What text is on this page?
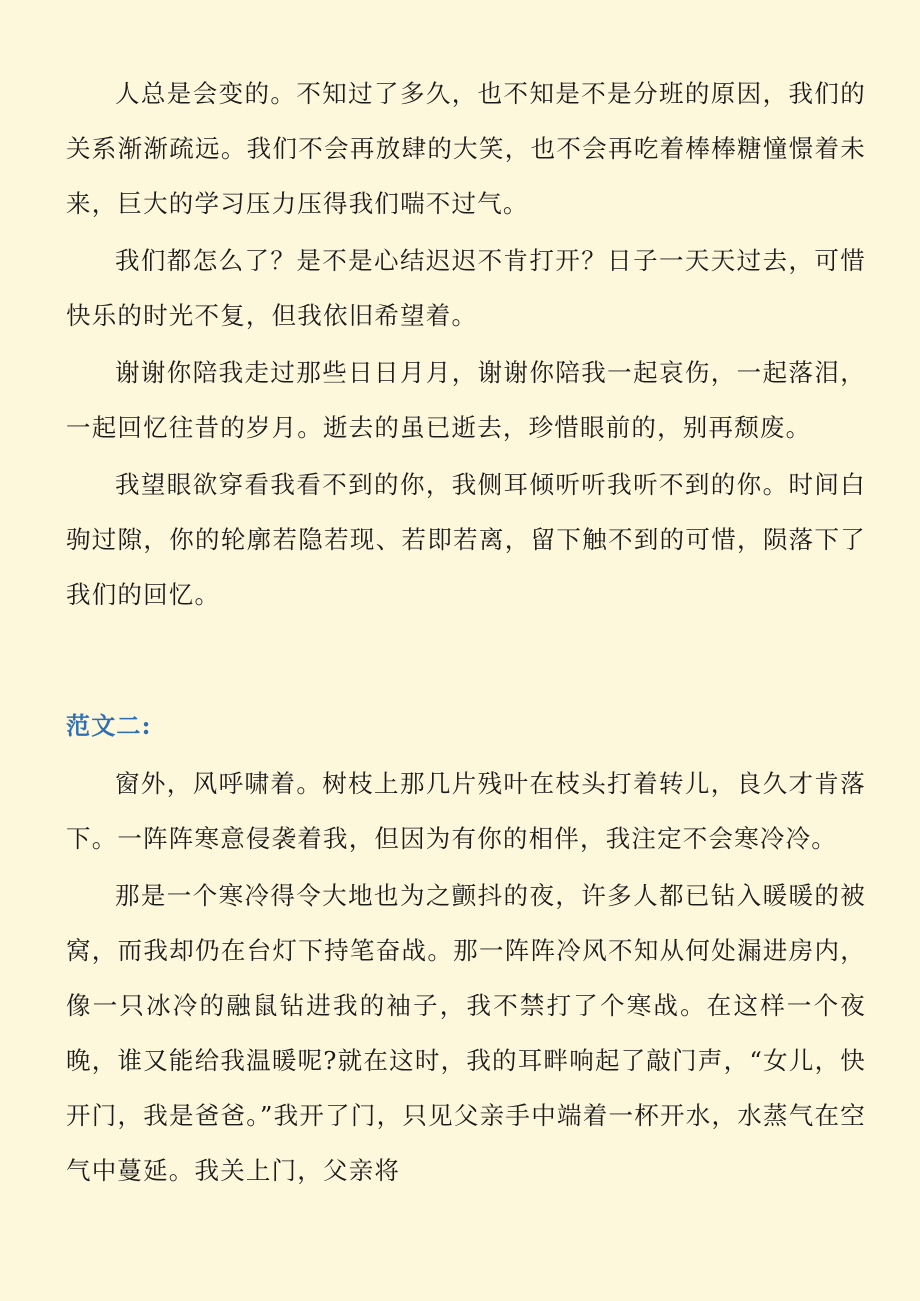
人总是会变的。不知过了多久，也不知是不是分班的原因，我们的关系渐渐疏远。我们不会再放肆的大笑，也不会再吃着棒棒糖憧憬着未来，巨大的学习压力压得我们喘不过气。

我们都怎么了？是不是心结迟迟不肯打开？日子一天天过去，可惜快乐的时光不复，但我依旧希望着。

谢谢你陪我走过那些日日月月，谢谢你陪我一起哀伤，一起落泪，一起回忆往昔的岁月。逝去的虽已逝去，珍惜眼前的，别再颓废。

我望眼欲穿看我看不到的你，我侧耳倾听听我听不到的你。时间白驹过隙，你的轮廓若隐若现、若即若离，留下触不到的可惜，陨落下了我们的回忆。

范文二:

窗外，风呼啸着。树枝上那几片残叶在枝头打着转儿，良久才肯落下。一阵阵寒意侵袭着我，但因为有你的相伴，我注定不会寒冷冷。

那是一个寒冷得令大地也为之颤抖的夜，许多人都已钻入暖暖的被窝，而我却仍在台灯下持笔奋战。那一阵阵冷风不知从何处漏进房内，像一只冰冷的融鼠钻进我的袖子，我不禁打了个寒战。在这样一个夜晚，谁又能给我温暖呢?就在这时，我的耳畔响起了敲门声，“女儿，快开门，我是爸爸。”我开了门，只见父亲手中端着一杯开水，水蒸气在空气中蔓延。我关上门，父亲将
